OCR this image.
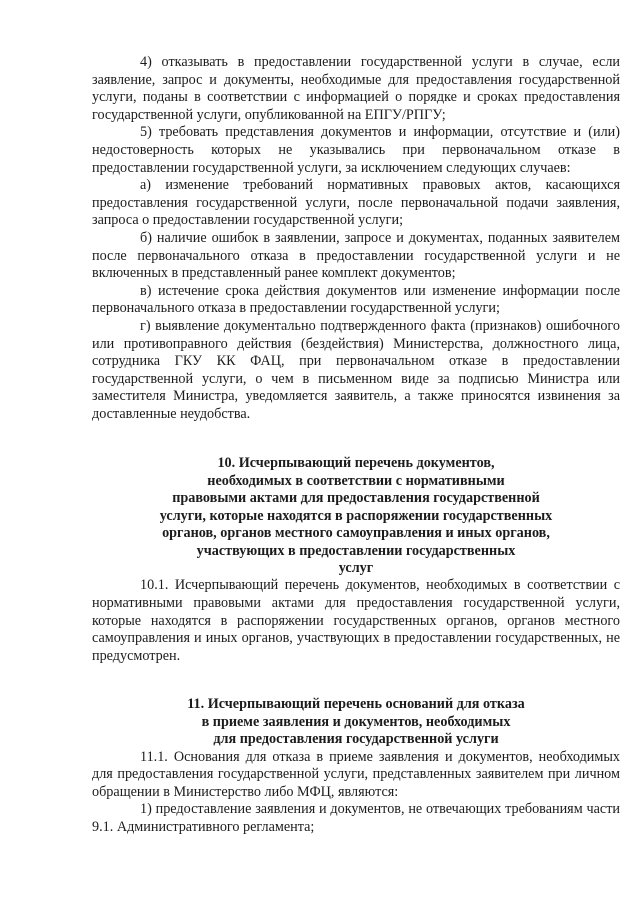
4) отказывать в предоставлении государственной услуги в случае, если заявление, запрос и документы, необходимые для предоставления государственной услуги, поданы в соответствии с информацией о порядке и сроках предоставления государственной услуги, опубликованной на ЕПГУ/РПГУ;

5) требовать представления документов и информации, отсутствие и (или) недостоверность которых не указывались при первоначальном отказе в предоставлении государственной услуги, за исключением следующих случаев:

а) изменение требований нормативных правовых актов, касающихся предоставления государственной услуги, после первоначальной подачи заявления, запроса о предоставлении государственной услуги;

б) наличие ошибок в заявлении, запросе и документах, поданных заявителем после первоначального отказа в предоставлении государственной услуги и не включенных в представленный ранее комплект документов;

в) истечение срока действия документов или изменение информации после первоначального отказа в предоставлении государственной услуги;

г) выявление документально подтвержденного факта (признаков) ошибочного или противоправного действия (бездействия) Министерства, должностного лица, сотрудника ГКУ КК ФАЦ, при первоначальном отказе в предоставлении государственной услуги, о чем в письменном виде за подписью Министра или заместителя Министра, уведомляется заявитель, а также приносятся извинения за доставленные неудобства.

10. Исчерпывающий перечень документов,
необходимых в соответствии с нормативными
правовыми актами для предоставления государственной
услуги, которые находятся в распоряжении государственных
органов, органов местного самоуправления и иных органов,
участвующих в предоставлении государственных
услуг

10.1. Исчерпывающий перечень документов, необходимых в соответствии с нормативными правовыми актами для предоставления государственной услуги, которые находятся в распоряжении государственных органов, органов местного самоуправления и иных органов, участвующих в предоставлении государственных, не предусмотрен.

11. Исчерпывающий перечень оснований для отказа
в приеме заявления и документов, необходимых
для предоставления государственной услуги

11.1. Основания для отказа в приеме заявления и документов, необходимых для предоставления государственной услуги, представленных заявителем при личном обращении в Министерство либо МФЦ, являются:

1) предоставление заявления и документов, не отвечающих требованиям части 9.1. Административного регламента;
